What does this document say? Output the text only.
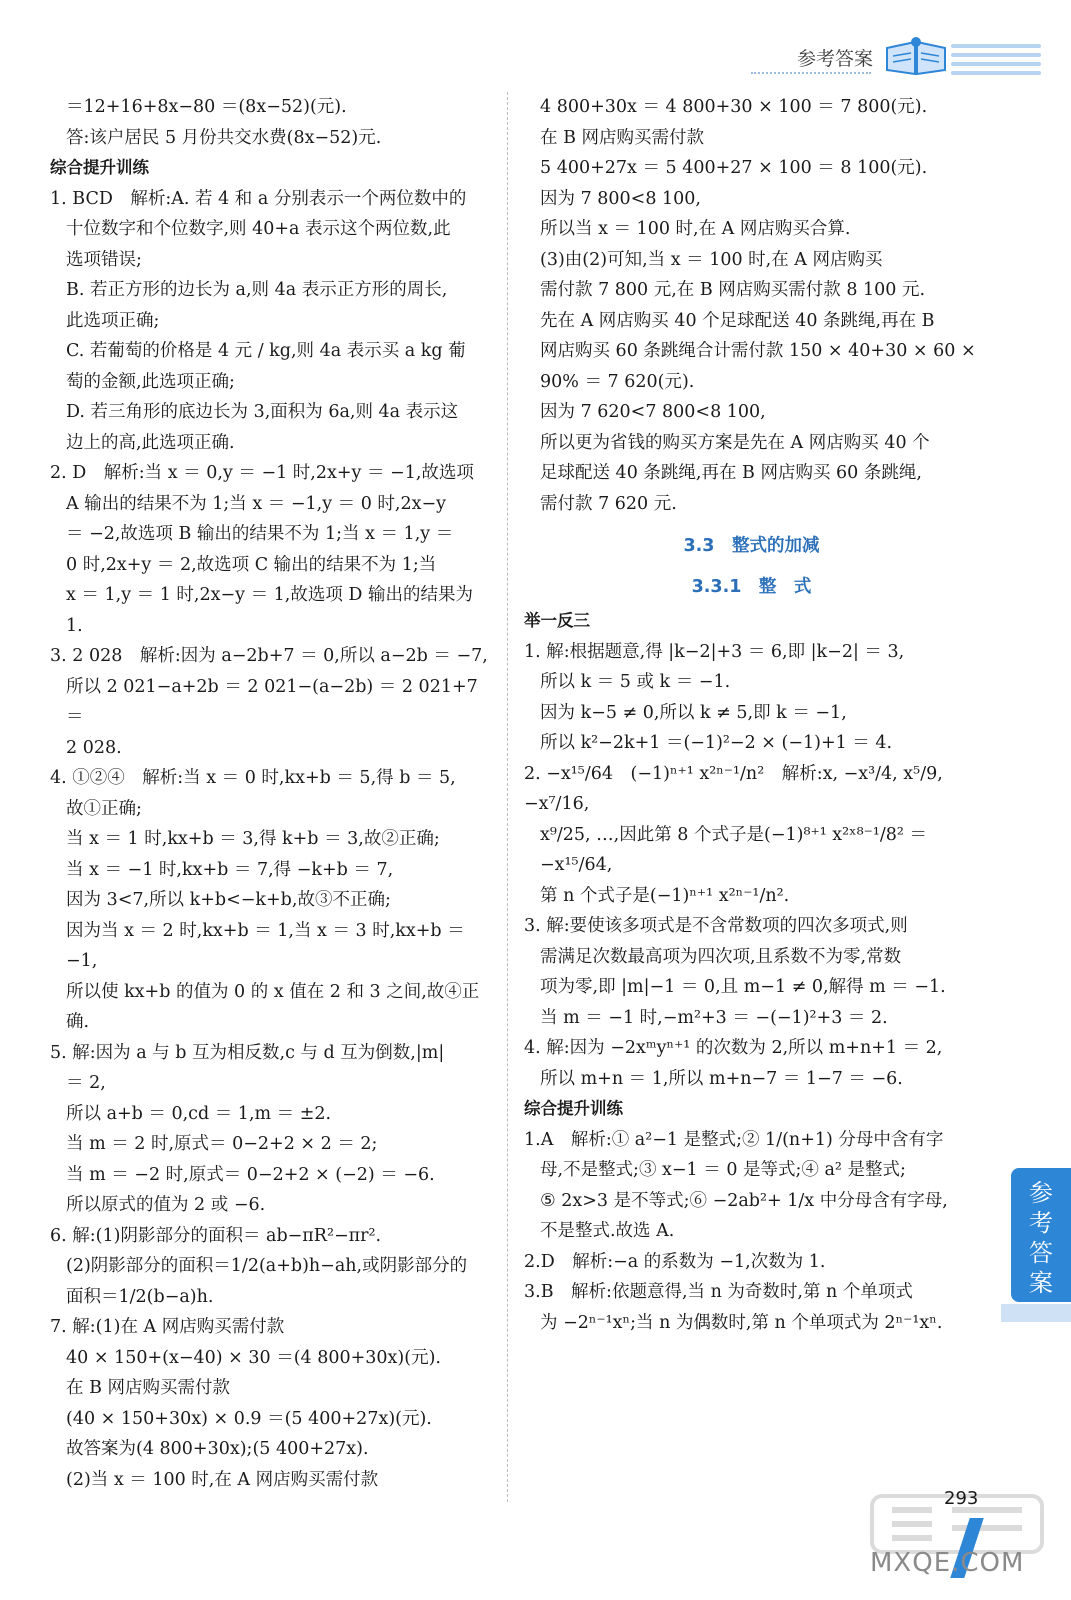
参考答案

＝12+16+8x−80 ＝(8x−52)(元).

答:该户居民 5 月份共交水费(8x−52)元.

综合提升训练

1. BCD　解析:A. 若 4 和 a 分别表示一个两位数中的

十位数字和个位数字,则 40+a 表示这个两位数,此

选项错误;

B. 若正方形的边长为 a,则 4a 表示正方形的周长,

此选项正确;

C. 若葡萄的价格是 4 元 / kg,则 4a 表示买 a kg 葡

萄的金额,此选项正确;

D. 若三角形的底边长为 3,面积为 6a,则 4a 表示这

边上的高,此选项正确.

2. D　解析:当 x ＝ 0,y ＝ −1 时,2x+y ＝ −1,故选项

A 输出的结果不为 1;当 x ＝ −1,y ＝ 0 时,2x−y

＝ −2,故选项 B 输出的结果不为 1;当 x ＝ 1,y ＝

0 时,2x+y ＝ 2,故选项 C 输出的结果不为 1;当

x ＝ 1,y ＝ 1 时,2x−y ＝ 1,故选项 D 输出的结果为 1.

3. 2 028　解析:因为 a−2b+7 ＝ 0,所以 a−2b ＝ −7,

所以 2 021−a+2b ＝ 2 021−(a−2b) ＝ 2 021+7 ＝

2 028.

4. ①②④　解析:当 x ＝ 0 时,kx+b ＝ 5,得 b ＝ 5,

故①正确;

当 x ＝ 1 时,kx+b ＝ 3,得 k+b ＝ 3,故②正确;

当 x ＝ −1 时,kx+b ＝ 7,得 −k+b ＝ 7,

因为 3<7,所以 k+b<−k+b,故③不正确;

因为当 x ＝ 2 时,kx+b ＝ 1,当 x ＝ 3 时,kx+b ＝ −1,

所以使 kx+b 的值为 0 的 x 值在 2 和 3 之间,故④正确.

5. 解:因为 a 与 b 互为相反数,c 与 d 互为倒数,|m|

＝ 2,

所以 a+b ＝ 0,cd ＝ 1,m ＝ ±2.

当 m ＝ 2 时,原式＝ 0−2+2 × 2 ＝ 2;

当 m ＝ −2 时,原式＝ 0−2+2 × (−2) ＝ −6.

所以原式的值为 2 或 −6.

6. 解:(1)阴影部分的面积＝ ab−πR²−πr².

(2)阴影部分的面积＝1/2(a+b)h−ah,或阴影部分的

面积＝1/2(b−a)h.

7. 解:(1)在 A 网店购买需付款

40 × 150+(x−40) × 30 ＝(4 800+30x)(元).

在 B 网店购买需付款

(40 × 150+30x) × 0.9 ＝(5 400+27x)(元).

故答案为(4 800+30x);(5 400+27x).

(2)当 x ＝ 100 时,在 A 网店购买需付款

4 800+30x ＝ 4 800+30 × 100 ＝ 7 800(元).

在 B 网店购买需付款

5 400+27x ＝ 5 400+27 × 100 ＝ 8 100(元).

因为 7 800<8 100,

所以当 x ＝ 100 时,在 A 网店购买合算.

(3)由(2)可知,当 x ＝ 100 时,在 A 网店购买

需付款 7 800 元,在 B 网店购买需付款 8 100 元.

先在 A 网店购买 40 个足球配送 40 条跳绳,再在 B

网店购买 60 条跳绳合计需付款 150 × 40+30 × 60 ×

90% ＝ 7 620(元).

因为 7 620<7 800<8 100,

所以更为省钱的购买方案是先在 A 网店购买 40 个

足球配送 40 条跳绳,再在 B 网店购买 60 条跳绳,

需付款 7 620 元.

3.3　整式的加减

3.3.1　整　式

举一反三

1. 解:根据题意,得 |k−2|+3 ＝ 6,即 |k−2| ＝ 3,

所以 k ＝ 5 或 k ＝ −1.

因为 k−5 ≠ 0,所以 k ≠ 5,即 k ＝ −1,

所以 k²−2k+1 ＝(−1)²−2 × (−1)+1 ＝ 4.

2. −x¹⁵/64　(−1)ⁿ⁺¹ x²ⁿ⁻¹/n²　解析:x, −x³/4, x⁵/9, −x⁷/16,

x⁹/25, …,因此第 8 个式子是(−1)⁸⁺¹ x²ˣ⁸⁻¹/8² ＝ −x¹⁵/64,

第 n 个式子是(−1)ⁿ⁺¹ x²ⁿ⁻¹/n².

3. 解:要使该多项式是不含常数项的四次多项式,则

需满足次数最高项为四次项,且系数不为零,常数

项为零,即 |m|−1 ＝ 0,且 m−1 ≠ 0,解得 m ＝ −1.

当 m ＝ −1 时,−m²+3 ＝ −(−1)²+3 ＝ 2.

4. 解:因为 −2xᵐyⁿ⁺¹ 的次数为 2,所以 m+n+1 ＝ 2,

所以 m+n ＝ 1,所以 m+n−7 ＝ 1−7 ＝ −6.

综合提升训练

1.A　解析:① a²−1 是整式;② 1/(n+1) 分母中含有字

母,不是整式;③ x−1 ＝ 0 是等式;④ a² 是整式;

⑤ 2x>3 是不等式;⑥ −2ab²+ 1/x 中分母含有字母,

不是整式.故选 A.

2.D　解析:−a 的系数为 −1,次数为 1.

3.B　解析:依题意得,当 n 为奇数时,第 n 个单项式

为 −2ⁿ⁻¹xⁿ;当 n 为偶数时,第 n 个单项式为 2ⁿ⁻¹xⁿ.

参考答案
293
MXQE.COM
